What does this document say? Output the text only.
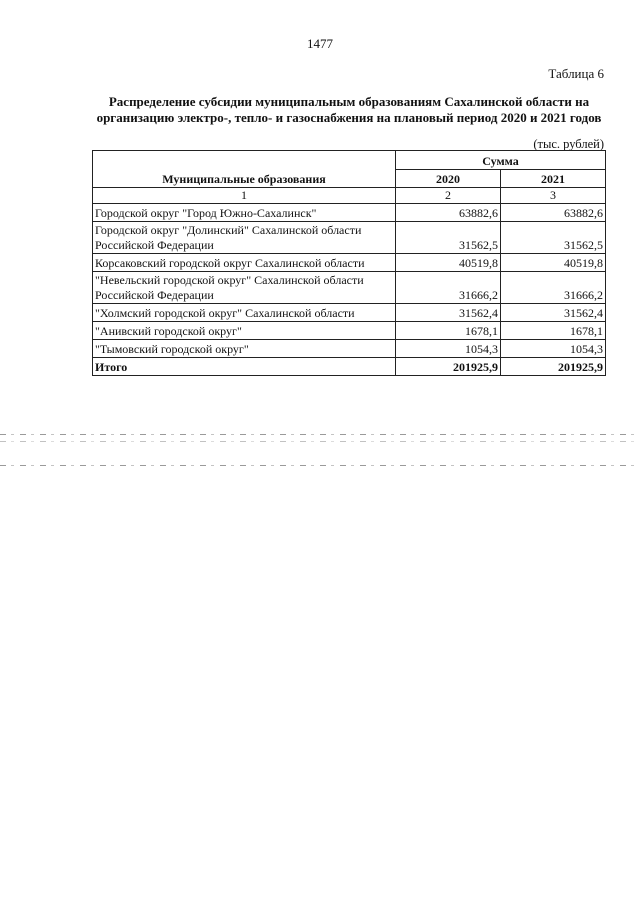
1477
Таблица 6
Распределение субсидии муниципальным образованиям Сахалинской области на организацию электро-, тепло- и газоснабжения на плановый период 2020 и 2021 годов
(тыс. рублей)
Муниципальные образования	Сумма	
	2020	2021
1	2	3
Городской округ "Город Южно-Сахалинск"	63882,6	63882,6
Городской округ "Долинский" Сахалинской области Российской Федерации	31562,5	31562,5
Корсаковский городской округ Сахалинской области	40519,8	40519,8
"Невельский городской округ" Сахалинской области Российской Федерации	31666,2	31666,2
"Холмский городской округ" Сахалинской области	31562,4	31562,4
"Анивский городской округ"	1678,1	1678,1
"Тымовский городской округ"	1054,3	1054,3
Итого	201925,9	201925,9
